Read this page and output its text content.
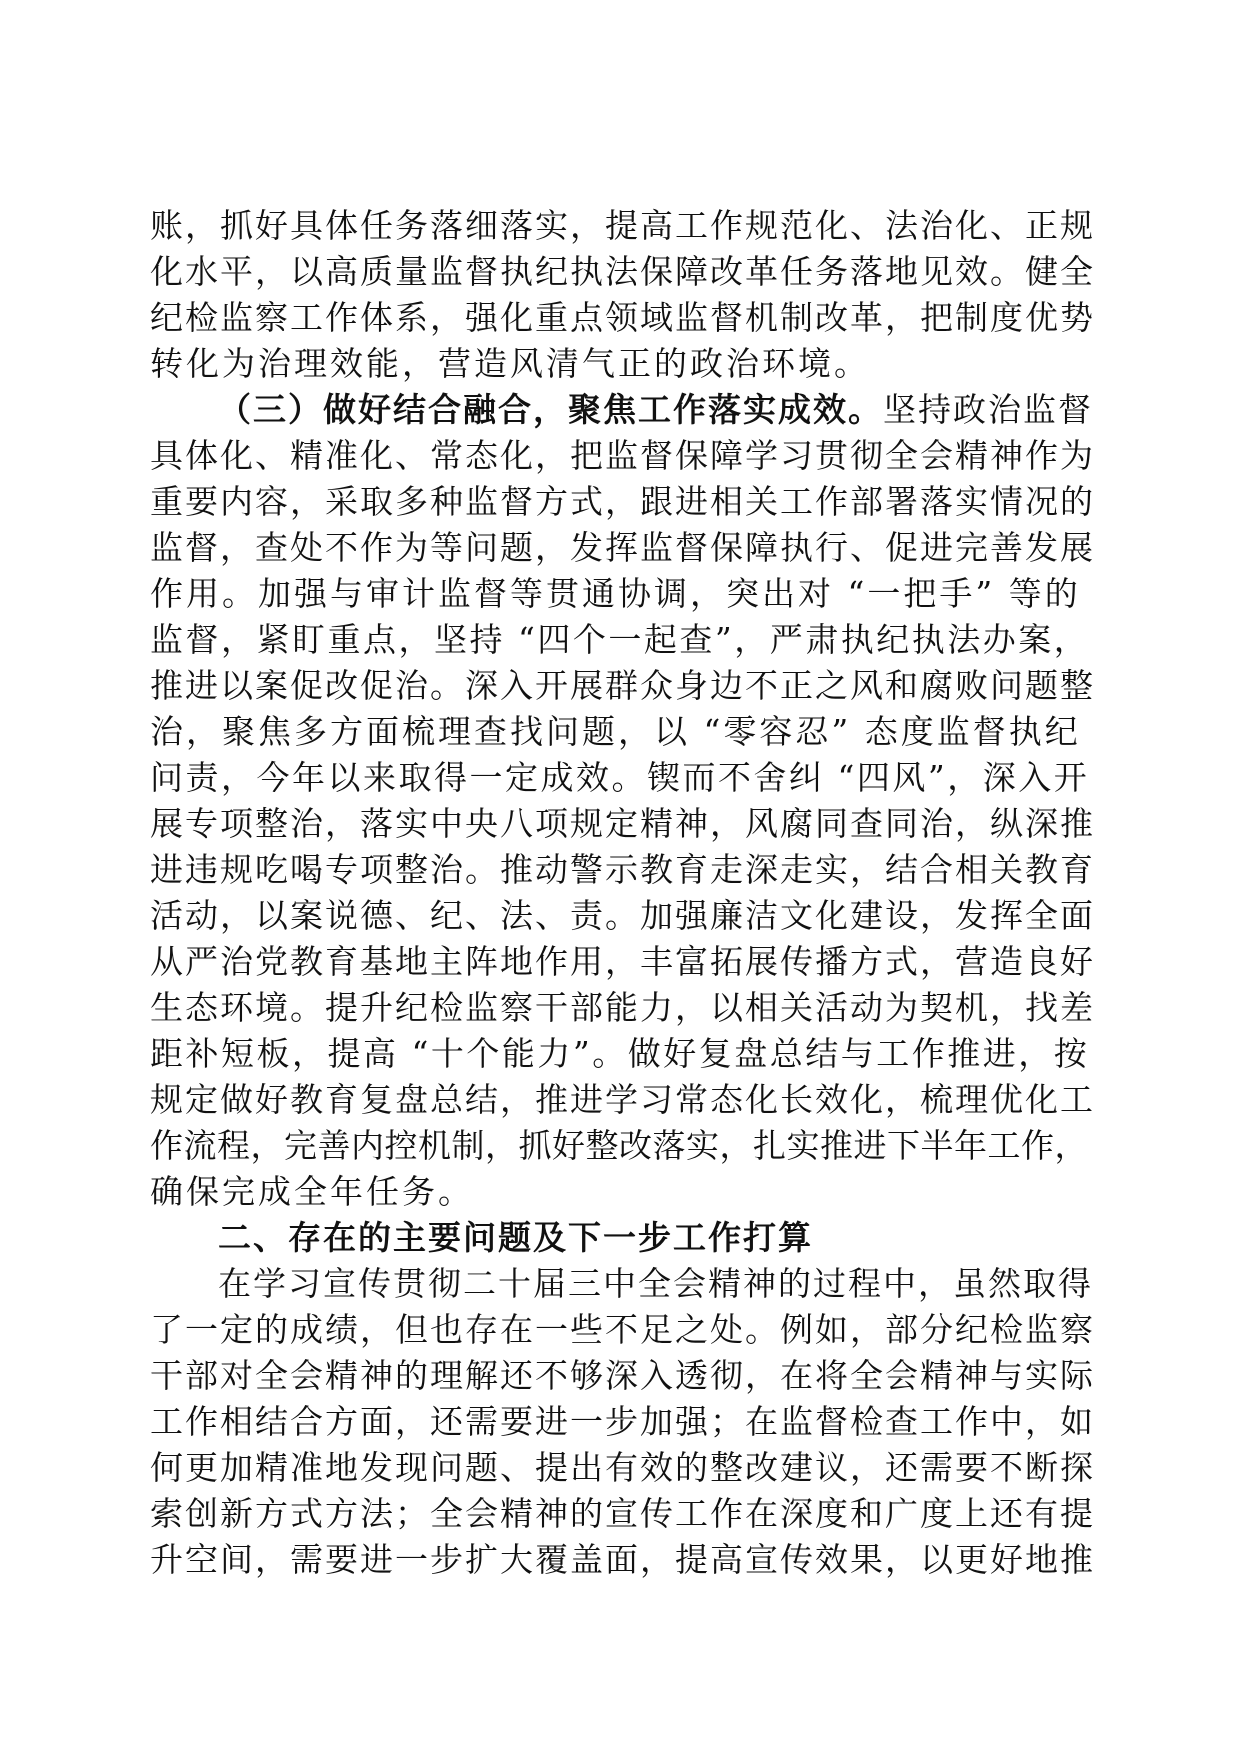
账，抓好具体任务落细落实，提高工作规范化、法治化、正规
化水平，以高质量监督执纪执法保障改革任务落地见效。健全
纪检监察工作体系，强化重点领域监督机制改革，把制度优势
转化为治理效能，营造风清气正的政治环境。
（三）做好结合融合，聚焦工作落实成效。坚持政治监督
具体化、精准化、常态化，把监督保障学习贯彻全会精神作为
重要内容，采取多种监督方式，跟进相关工作部署落实情况的
监督，查处不作为等问题，发挥监督保障执行、促进完善发展
作用。加强与审计监督等贯通协调，突出对 “一把手” 等的
监督，紧盯重点，坚持 “四个一起查”，严肃执纪执法办案，
推进以案促改促治。深入开展群众身边不正之风和腐败问题整
治，聚焦多方面梳理查找问题，以 “零容忍” 态度监督执纪
问责，今年以来取得一定成效。锲而不舍纠 “四风”，深入开
展专项整治，落实中央八项规定精神，风腐同查同治，纵深推
进违规吃喝专项整治。推动警示教育走深走实，结合相关教育
活动，以案说德、纪、法、责。加强廉洁文化建设，发挥全面
从严治党教育基地主阵地作用，丰富拓展传播方式，营造良好
生态环境。提升纪检监察干部能力，以相关活动为契机，找差
距补短板，提高 “十个能力”。做好复盘总结与工作推进，按
规定做好教育复盘总结，推进学习常态化长效化，梳理优化工
作流程，完善内控机制，抓好整改落实，扎实推进下半年工作，
确保完成全年任务。
二、存在的主要问题及下一步工作打算
在学习宣传贯彻二十届三中全会精神的过程中，虽然取得
了一定的成绩，但也存在一些不足之处。例如，部分纪检监察
干部对全会精神的理解还不够深入透彻，在将全会精神与实际
工作相结合方面，还需要进一步加强；在监督检查工作中，如
何更加精准地发现问题、提出有效的整改建议，还需要不断探
索创新方式方法；全会精神的宣传工作在深度和广度上还有提
升空间，需要进一步扩大覆盖面，提高宣传效果，以更好地推
